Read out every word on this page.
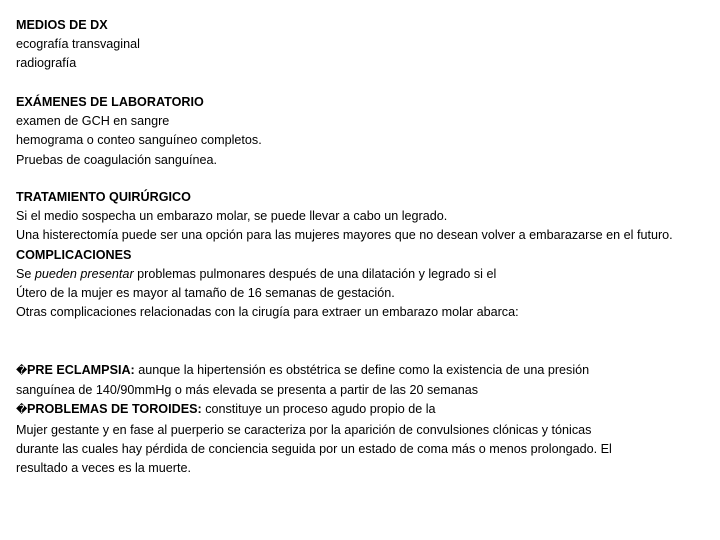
MEDIOS DE DX
ecografía transvaginal
radiografía
EXÁMENES DE LABORATORIO
examen de GCH en sangre
hemograma o conteo sanguíneo completos.
Pruebas de coagulación sanguínea.
TRATAMIENTO QUIRÚRGICO
Si el medio sospecha un embarazo molar, se puede llevar a cabo un legrado.
Una histerectomía puede ser una opción para las mujeres mayores que no desean volver a embarazarse en el futuro.
COMPLICACIONES
Se pueden presentar problemas pulmonares después de una dilatación y legrado si el
Útero de la mujer es mayor al tamaño de 16 semanas de gestación.
Otras complicaciones relacionadas con la cirugía para extraer un embarazo molar abarca:
�PRE ECLAMPSIA: aunque la hipertensión es obstétrica se define como la existencia de una presión
sanguínea de 140/90mmHg o más elevada se presenta a partir de las 20 semanas
�PROBLEMAS DE TOROIDES: constituye un proceso agudo propio de la
Mujer gestante y en fase al puerperio se caracteriza por la aparición de convulsiones clónicas y tónicas
durante las cuales hay pérdida de conciencia seguida por un estado de coma más o menos prolongado. El
resultado a veces es la muerte.
